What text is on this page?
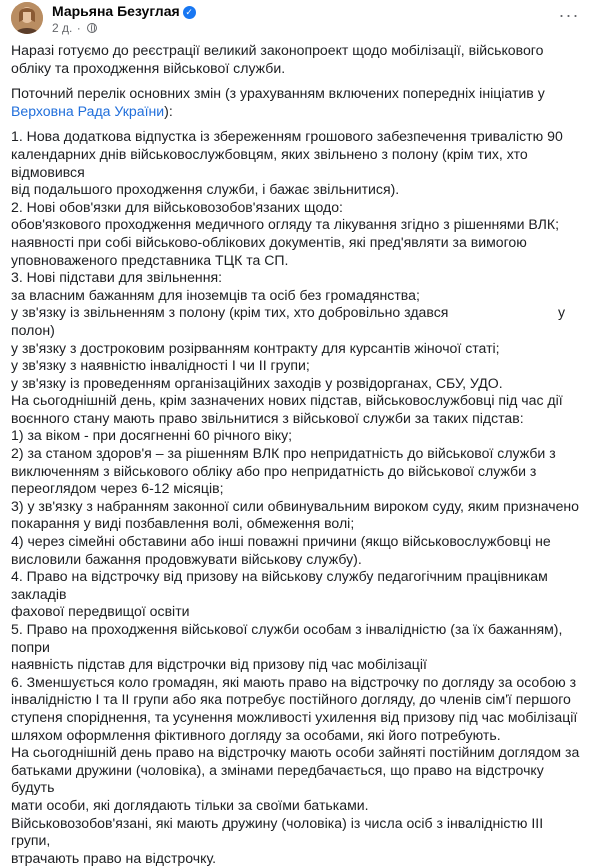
Марьяна Безуглая ✓
2 д. ·
···

Наразі готуємо до реєстрації великий законопроект щодо мобілізації, військового обліку та проходження військової служби.

Поточний перелік основних змін (з урахуванням включених попередніх ініціатив у Верховна Рада України):

1. Нова додаткова відпустка із збереженням грошового забезпечення тривалістю 90

календарних днів військовослужбовцям, яких звільнено з полону (крім тих, хто відмовився

від подальшого проходження служби, і бажає звільнитися).

2. Нові обов'язки для військовозобов'язаних щодо:

обов'язкового проходження медичного огляду та лікування згідно з рішеннями ВЛК;

наявності при собі військово-облікових документів, які пред'являти за вимогою

уповноваженого представника ТЦК та СП.

3. Нові підстави для звільнення:

за власним бажанням для іноземців та осіб без громадянства;

у зв'язку із звільненням з полону (крім тих, хто добровільно здався                            у полон)

у зв'язку з достроковим розірванням контракту для курсантів жіночої статі;

у зв'язку з наявністю інвалідності І чи ІІ групи;

у зв'язку із проведенням організаційних заходів у розвідорганах, СБУ, УДО.

На сьогоднішній день, крім зазначених нових підстав, військовослужбовці під час дії

воєнного стану мають право звільнитися з військової служби за таких підстав:

1) за віком - при досягненні 60 річного віку;

2) за станом здоров'я – за рішенням ВЛК про непридатність до військової служби з

виключенням з військового обліку або про непридатність до військової служби з

переоглядом через 6-12 місяців;

3) у зв'язку з набранням законної сили обвинувальним вироком суду, яким призначено

покарання у виді позбавлення волі, обмеження волі;

4) через сімейні обставини або інші поважні причини (якщо військовослужбовці не

висловили бажання продовжувати військову службу).

4. Право на відстрочку від призову на військову службу педагогічним працівникам закладів

фахової передвищої освіти

5. Право на проходження військової служби особам з інвалідністю (за їх бажанням), попри

наявність підстав для відстрочки від призову під час мобілізації

6. Зменшується коло громадян, які мають право на відстрочку по догляду за особою з

інвалідністю І та ІІ групи або яка потребує постійного догляду, до членів сім'ї першого

ступеня споріднення, та усунення можливості ухилення від призову під час мобілізації

шляхом оформлення фіктивного догляду за особами, які його потребують.

На сьогоднішній день право на відстрочку мають особи зайняті постійним доглядом за

батьками дружини (чоловіка), а змінами передбачається, що право на відстрочку будуть

мати особи, які доглядають тільки за своїми батьками.

Військовозобов'язані, які мають дружину (чоловіка) із числа осіб з інвалідністю ІІІ групи,

втрачають право на відстрочку.
